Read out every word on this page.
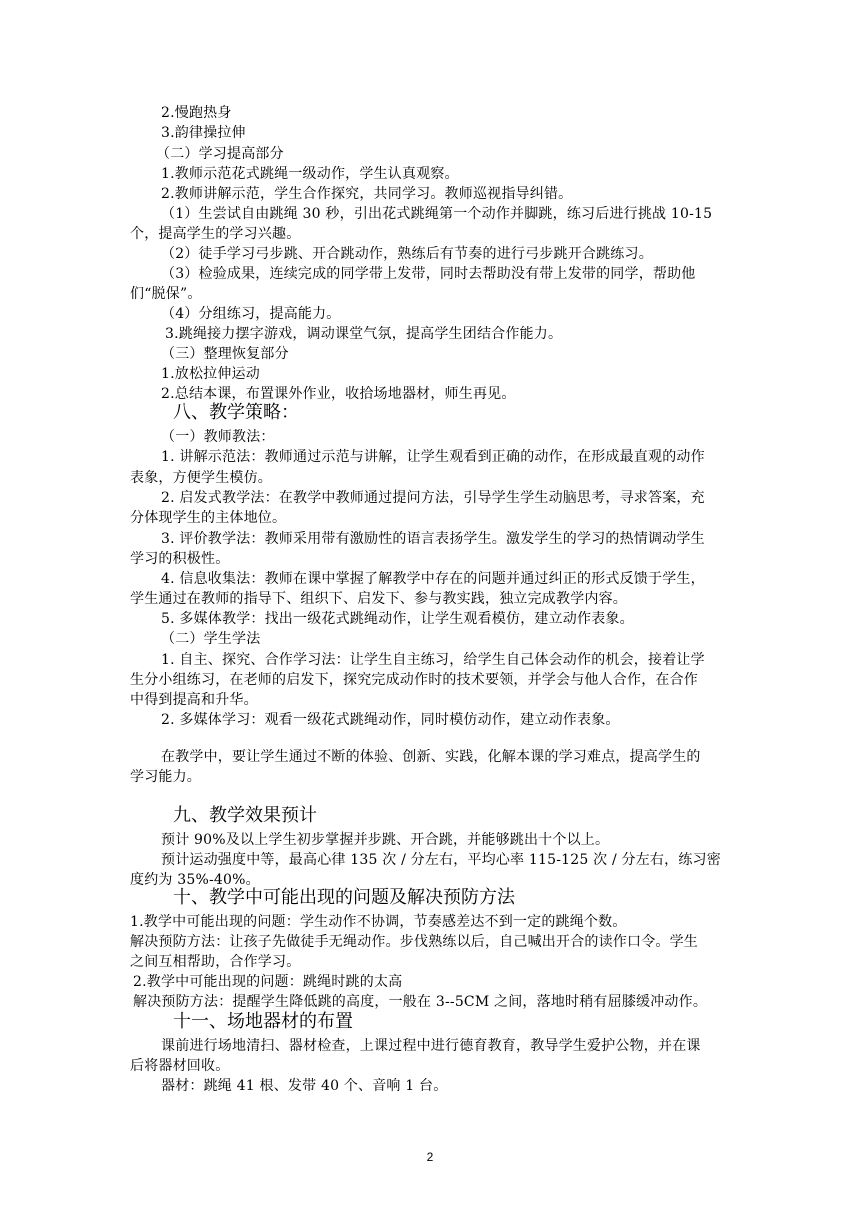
2.慢跑热身
3.韵律操拉伸
（二）学习提高部分
1.教师示范花式跳绳一级动作，学生认真观察。
2.教师讲解示范，学生合作探究，共同学习。教师巡视指导纠错。
（1）生尝试自由跳绳 30 秒，引出花式跳绳第一个动作并脚跳，练习后进行挑战 10-15
个，提高学生的学习兴趣。
（2）徒手学习弓步跳、开合跳动作，熟练后有节奏的进行弓步跳开合跳练习。
（3）检验成果，连续完成的同学带上发带，同时去帮助没有带上发带的同学，帮助他
们“脱保”。
（4）分组练习，提高能力。
3.跳绳接力摆字游戏，调动课堂气氛，提高学生团结合作能力。
（三）整理恢复部分
1.放松拉伸运动
2.总结本课，布置课外作业，收拾场地器材，师生再见。
八、教学策略：
（一）教师教法：
1. 讲解示范法：教师通过示范与讲解，让学生观看到正确的动作，在形成最直观的动作
表象，方便学生模仿。
2. 启发式教学法：在教学中教师通过提问方法，引导学生学生动脑思考，寻求答案，充
分体现学生的主体地位。
3. 评价教学法：教师采用带有激励性的语言表扬学生。激发学生的学习的热情调动学生
学习的积极性。
4. 信息收集法：教师在课中掌握了解教学中存在的问题并通过纠正的形式反馈于学生，
学生通过在教师的指导下、组织下、启发下、参与教实践，独立完成教学内容。
5. 多媒体教学：找出一级花式跳绳动作，让学生观看模仿，建立动作表象。
（二）学生学法
1. 自主、探究、合作学习法：让学生自主练习，给学生自己体会动作的机会，接着让学
生分小组练习，在老师的启发下，探究完成动作时的技术要领，并学会与他人合作，在合作
中得到提高和升华。
2. 多媒体学习：观看一级花式跳绳动作，同时模仿动作，建立动作表象。
在教学中，要让学生通过不断的体验、创新、实践，化解本课的学习难点，提高学生的
学习能力。
九、教学效果预计
预计 90%及以上学生初步掌握并步跳、开合跳，并能够跳出十个以上。
预计运动强度中等，最高心律 135 次 / 分左右，平均心率 115-125 次 / 分左右，练习密
度约为 35%-40%。
十、教学中可能出现的问题及解决预防方法
1.教学中可能出现的问题：学生动作不协调，节奏感差达不到一定的跳绳个数。
解决预防方法：让孩子先做徒手无绳动作。步伐熟练以后，自己喊出开合的读作口令。学生
之间互相帮助，合作学习。
2.教学中可能出现的问题：跳绳时跳的太高
解决预防方法：提醒学生降低跳的高度，一般在 3--5CM 之间，落地时稍有屈膝缓冲动作。
十一、场地器材的布置
课前进行场地清扫、器材检查，上课过程中进行德育教育，教导学生爱护公物，并在课
后将器材回收。
器材：跳绳 41 根、发带 40 个、音响 1 台。
2
